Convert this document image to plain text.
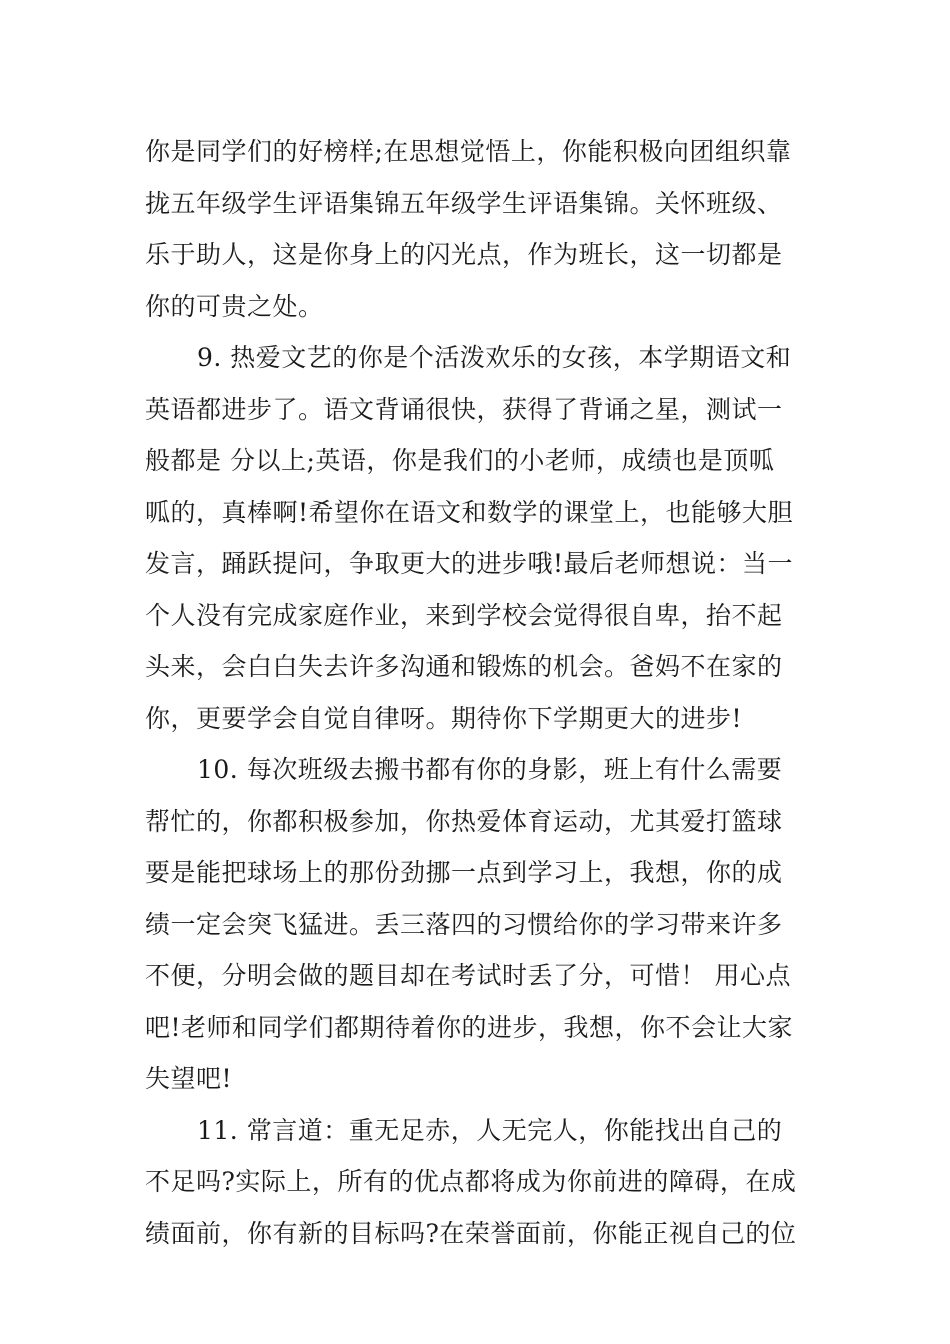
你是同学们的好榜样;在思想觉悟上，你能积极向团组织靠
拢五年级学生评语集锦五年级学生评语集锦。关怀班级、
乐于助人，这是你身上的闪光点，作为班长，这一切都是
你的可贵之处。
9. 热爱文艺的你是个活泼欢乐的女孩，本学期语文和
英语都进步了。语文背诵很快，获得了背诵之星，测试一
般都是 分以上;英语，你是我们的小老师，成绩也是顶呱
呱的，真棒啊!希望你在语文和数学的课堂上，也能够大胆
发言，踊跃提问，争取更大的进步哦!最后老师想说：当一
个人没有完成家庭作业，来到学校会觉得很自卑，抬不起
头来，会白白失去许多沟通和锻炼的机会。爸妈不在家的
你，更要学会自觉自律呀。期待你下学期更大的进步!
10. 每次班级去搬书都有你的身影，班上有什么需要
帮忙的，你都积极参加，你热爱体育运动，尤其爱打篮球
要是能把球场上的那份劲挪一点到学习上，我想，你的成
绩一定会突飞猛进。丢三落四的习惯给你的学习带来许多
不便，分明会做的题目却在考试时丢了分，可惜！ 用心点
吧!老师和同学们都期待着你的进步，我想，你不会让大家
失望吧!
11. 常言道：重无足赤，人无完人，你能找出自己的
不足吗?实际上，所有的优点都将成为你前进的障碍，在成
绩面前，你有新的目标吗?在荣誉面前，你能正视自己的位
